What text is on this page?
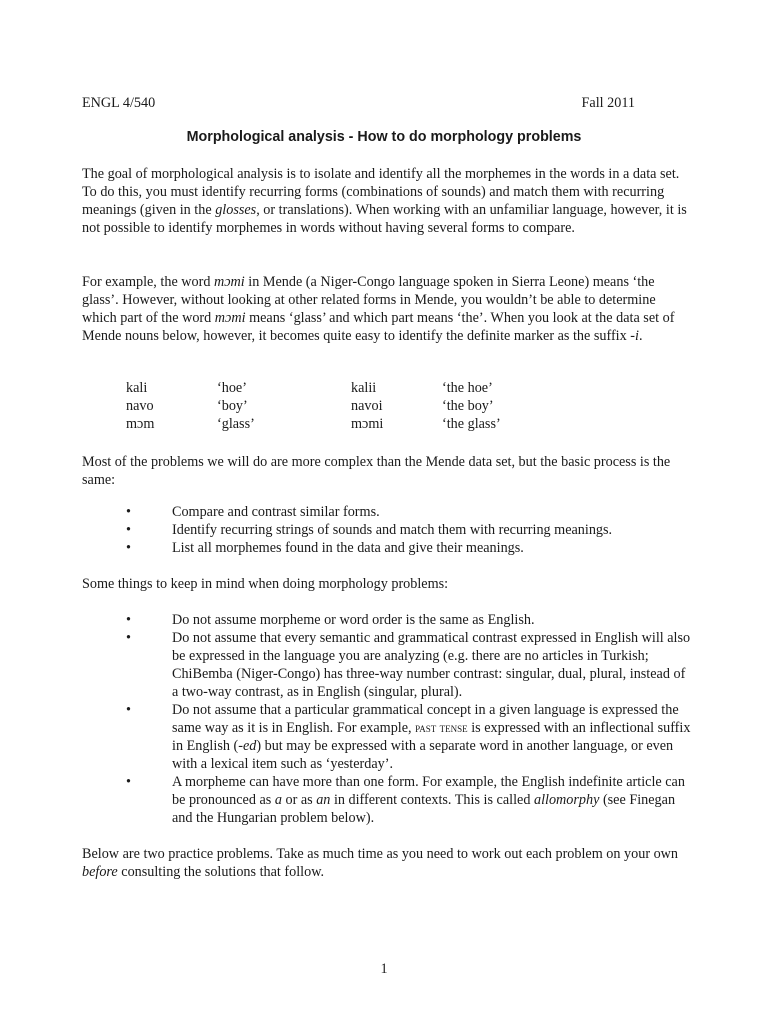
ENGL 4/540	Fall 2011
Morphological analysis - How to do morphology problems

The goal of morphological analysis is to isolate and identify all the morphemes in the words in a data set. To do this, you must identify recurring forms (combinations of sounds) and match them with recurring meanings (given in the glosses, or translations). When working with an unfamiliar language, however, it is not possible to identify morphemes in words without having several forms to compare.

For example, the word mɔmi in Mende (a Niger-Congo language spoken in Sierra Leone) means ‘the glass’. However, without looking at other related forms in Mende, you wouldn’t be able to determine which part of the word mɔmi means ‘glass’ and which part means ‘the’. When you look at the data set of Mende nouns below, however, it becomes quite easy to identify the definite marker as the suffix -i.

kali	‘hoe’	kalii	‘the hoe’
navo	‘boy’	navoi	‘the boy’
mɔm	‘glass’	mɔmi	‘the glass’

Most of the problems we will do are more complex than the Mende data set, but the basic process is the same:

•	Compare and contrast similar forms.
•	Identify recurring strings of sounds and match them with recurring meanings.
•	List all morphemes found in the data and give their meanings.

Some things to keep in mind when doing morphology problems:

•	Do not assume morpheme or word order is the same as English.
•	Do not assume that every semantic and grammatical contrast expressed in English will also be expressed in the language you are analyzing (e.g. there are no articles in Turkish; ChiBemba (Niger-Congo) has three-way number contrast: singular, dual, plural, instead of a two-way contrast, as in English (singular, plural).
•	Do not assume that a particular grammatical concept in a given language is expressed the same way as it is in English. For example, past tense is expressed with an inflectional suffix in English (-ed) but may be expressed with a separate word in another language, or even with a lexical item such as ‘yesterday’.
•	A morpheme can have more than one form. For example, the English indefinite article can be pronounced as a or as an in different contexts. This is called allomorphy (see Finegan and the Hungarian problem below).

Below are two practice problems. Take as much time as you need to work out each problem on your own before consulting the solutions that follow.

1
